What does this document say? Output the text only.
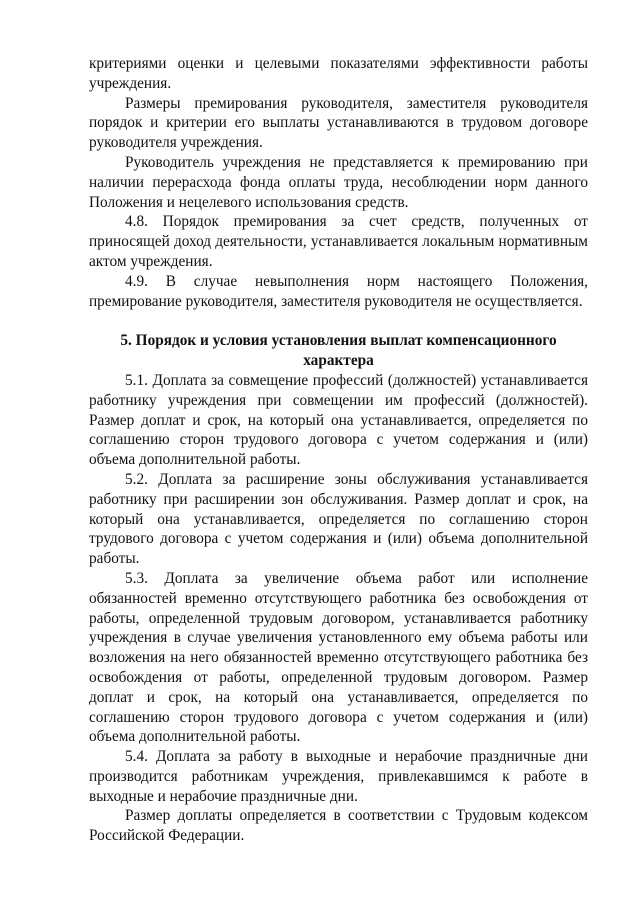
критериями оценки и целевыми показателями эффективности работы учреждения.

Размеры премирования руководителя, заместителя руководителя порядок и критерии его выплаты устанавливаются в трудовом договоре руководителя учреждения.

Руководитель учреждения не представляется к премированию при наличии перерасхода фонда оплаты труда, несоблюдении норм данного Положения и нецелевого использования средств.

4.8. Порядок премирования за счет средств, полученных от приносящей доход деятельности, устанавливается локальным нормативным актом учреждения.

4.9. В случае невыполнения норм настоящего Положения, премирование руководителя, заместителя руководителя не осуществляется.

5. Порядок и условия установления выплат компенсационного характера

5.1. Доплата за совмещение профессий (должностей) устанавливается работнику учреждения при совмещении им профессий (должностей). Размер доплат и срок, на который она устанавливается, определяется по соглашению сторон трудового договора с учетом содержания и (или) объема дополнительной работы.

5.2. Доплата за расширение зоны обслуживания устанавливается работнику при расширении зон обслуживания. Размер доплат и срок, на который она устанавливается, определяется по соглашению сторон трудового договора с учетом содержания и (или) объема дополнительной работы.

5.3. Доплата за увеличение объема работ или исполнение обязанностей временно отсутствующего работника без освобождения от работы, определенной трудовым договором, устанавливается работнику учреждения в случае увеличения установленного ему объема работы или возложения на него обязанностей временно отсутствующего работника без освобождения от работы, определенной трудовым договором. Размер доплат и срок, на который она устанавливается, определяется по соглашению сторон трудового договора с учетом содержания и (или) объема дополнительной работы.

5.4. Доплата за работу в выходные и нерабочие праздничные дни производится работникам учреждения, привлекавшимся к работе в выходные и нерабочие праздничные дни.

Размер доплаты определяется в соответствии с Трудовым кодексом Российской Федерации.
